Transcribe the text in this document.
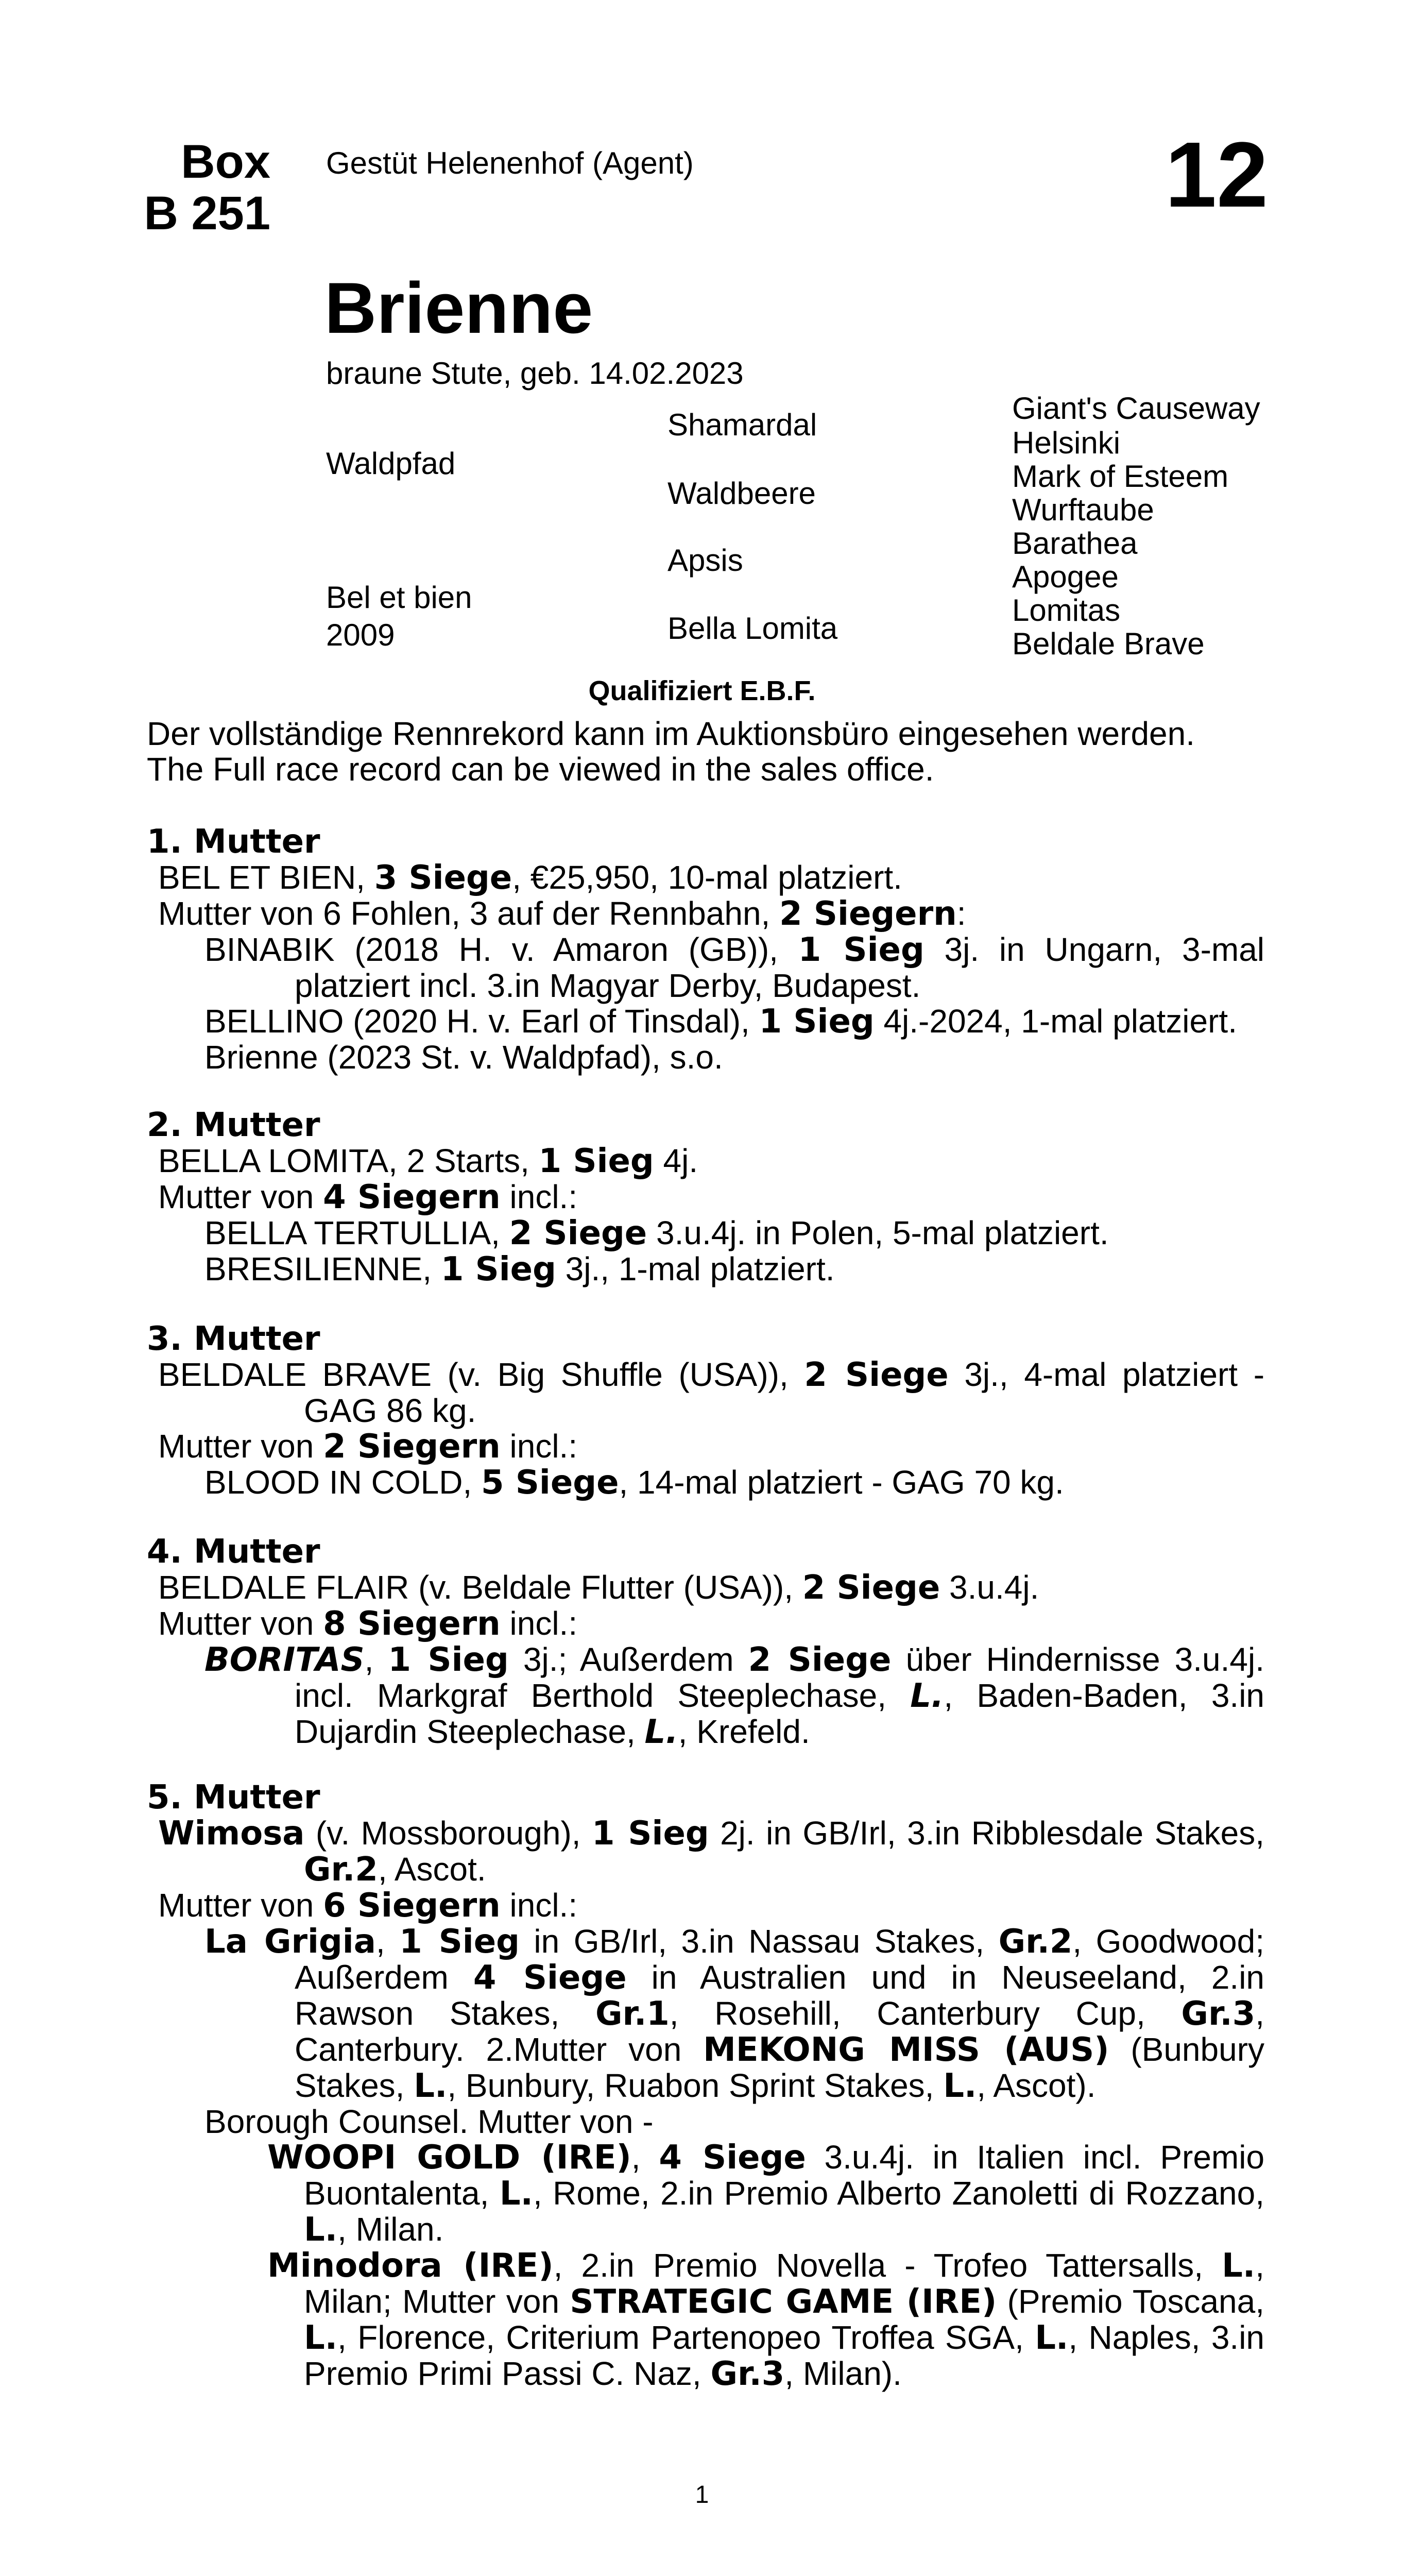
Box
B 251
Gestüt Helenenhof (Agent)	12
Brienne
braune Stute, geb. 14.02.2023
Waldpfad
Bel et bien
2009
Shamardal
Waldbeere
Apsis
Bella Lomita
Giant's Causeway
Helsinki
Mark of Esteem
Wurftaube
Barathea
Apogee
Lomitas
Beldale Brave
Qualifiziert E.B.F.
Der vollständige Rennrekord kann im Auktionsbüro eingesehen werden.
The Full race record can be viewed in the sales office.

1. Mutter

BEL ET BIEN, 3 Siege, €25,950, 10-mal platziert.

Mutter von 6 Fohlen, 3 auf der Rennbahn, 2 Siegern:

BINABIK (2018 H. v. Amaron (GB)), 1 Sieg 3j. in Ungarn, 3-mal platziert incl. 3.in Magyar Derby, Budapest.

BELLINO (2020 H. v. Earl of Tinsdal), 1 Sieg 4j.-2024, 1-mal platziert.

Brienne (2023 St. v. Waldpfad), s.o.

2. Mutter

BELLA LOMITA, 2 Starts, 1 Sieg 4j.

Mutter von 4 Siegern incl.:

BELLA TERTULLIA, 2 Siege 3.u.4j. in Polen, 5-mal platziert.

BRESILIENNE, 1 Sieg 3j., 1-mal platziert.

3. Mutter

BELDALE BRAVE (v. Big Shuffle (USA)), 2 Siege 3j., 4-mal platziert - GAG 86 kg.

Mutter von 2 Siegern incl.:

BLOOD IN COLD, 5 Siege, 14-mal platziert - GAG 70 kg.

4. Mutter

BELDALE FLAIR (v. Beldale Flutter (USA)), 2 Siege 3.u.4j.

Mutter von 8 Siegern incl.:

BORITAS, 1 Sieg 3j.; Außerdem 2 Siege über Hindernisse 3.u.4j. incl. Markgraf Berthold Steeplechase, L., Baden-Baden, 3.in Dujardin Steeplechase, L., Krefeld.

5. Mutter

Wimosa (v. Mossborough), 1 Sieg 2j. in GB/Irl, 3.in Ribblesdale Stakes, Gr.2, Ascot.

Mutter von 6 Siegern incl.:

La Grigia, 1 Sieg in GB/Irl, 3.in Nassau Stakes, Gr.2, Goodwood; Außerdem 4 Siege in Australien und in Neuseeland, 2.in Rawson Stakes, Gr.1, Rosehill, Canterbury Cup, Gr.3, Canterbury. 2.Mutter von MEKONG MISS (AUS) (Bunbury Stakes, L., Bunbury, Ruabon Sprint Stakes, L., Ascot).

Borough Counsel. Mutter von -

WOOPI GOLD (IRE), 4 Siege 3.u.4j. in Italien incl. Premio Buontalenta, L., Rome, 2.in Premio Alberto Zanoletti di Rozzano, L., Milan.

Minodora (IRE), 2.in Premio Novella - Trofeo Tattersalls, L., Milan; Mutter von STRATEGIC GAME (IRE) (Premio Toscana, L., Florence, Criterium Partenopeo Troffea SGA, L., Naples, 3.in Premio Primi Passi C. Naz, Gr.3, Milan).

1
